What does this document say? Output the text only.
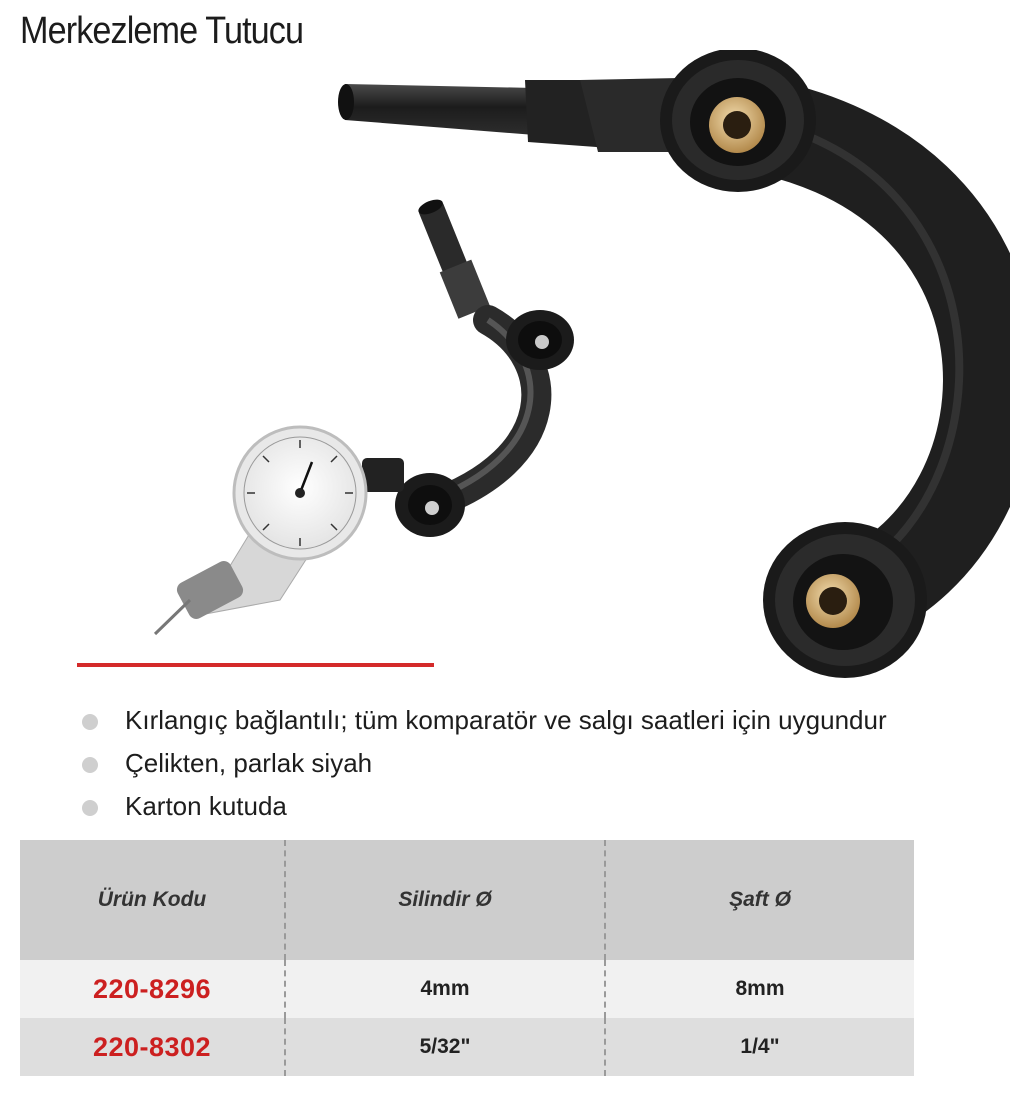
Merkezleme Tutucu
Kırlangıç bağlantılı; tüm komparatör ve salgı saatleri için uygundur
Çelikten, parlak siyah
Karton kutuda
Ürün Kodu	Silindir Ø	Şaft Ø
220-8296	4mm	8mm
220-8302	5/32"	1/4"
